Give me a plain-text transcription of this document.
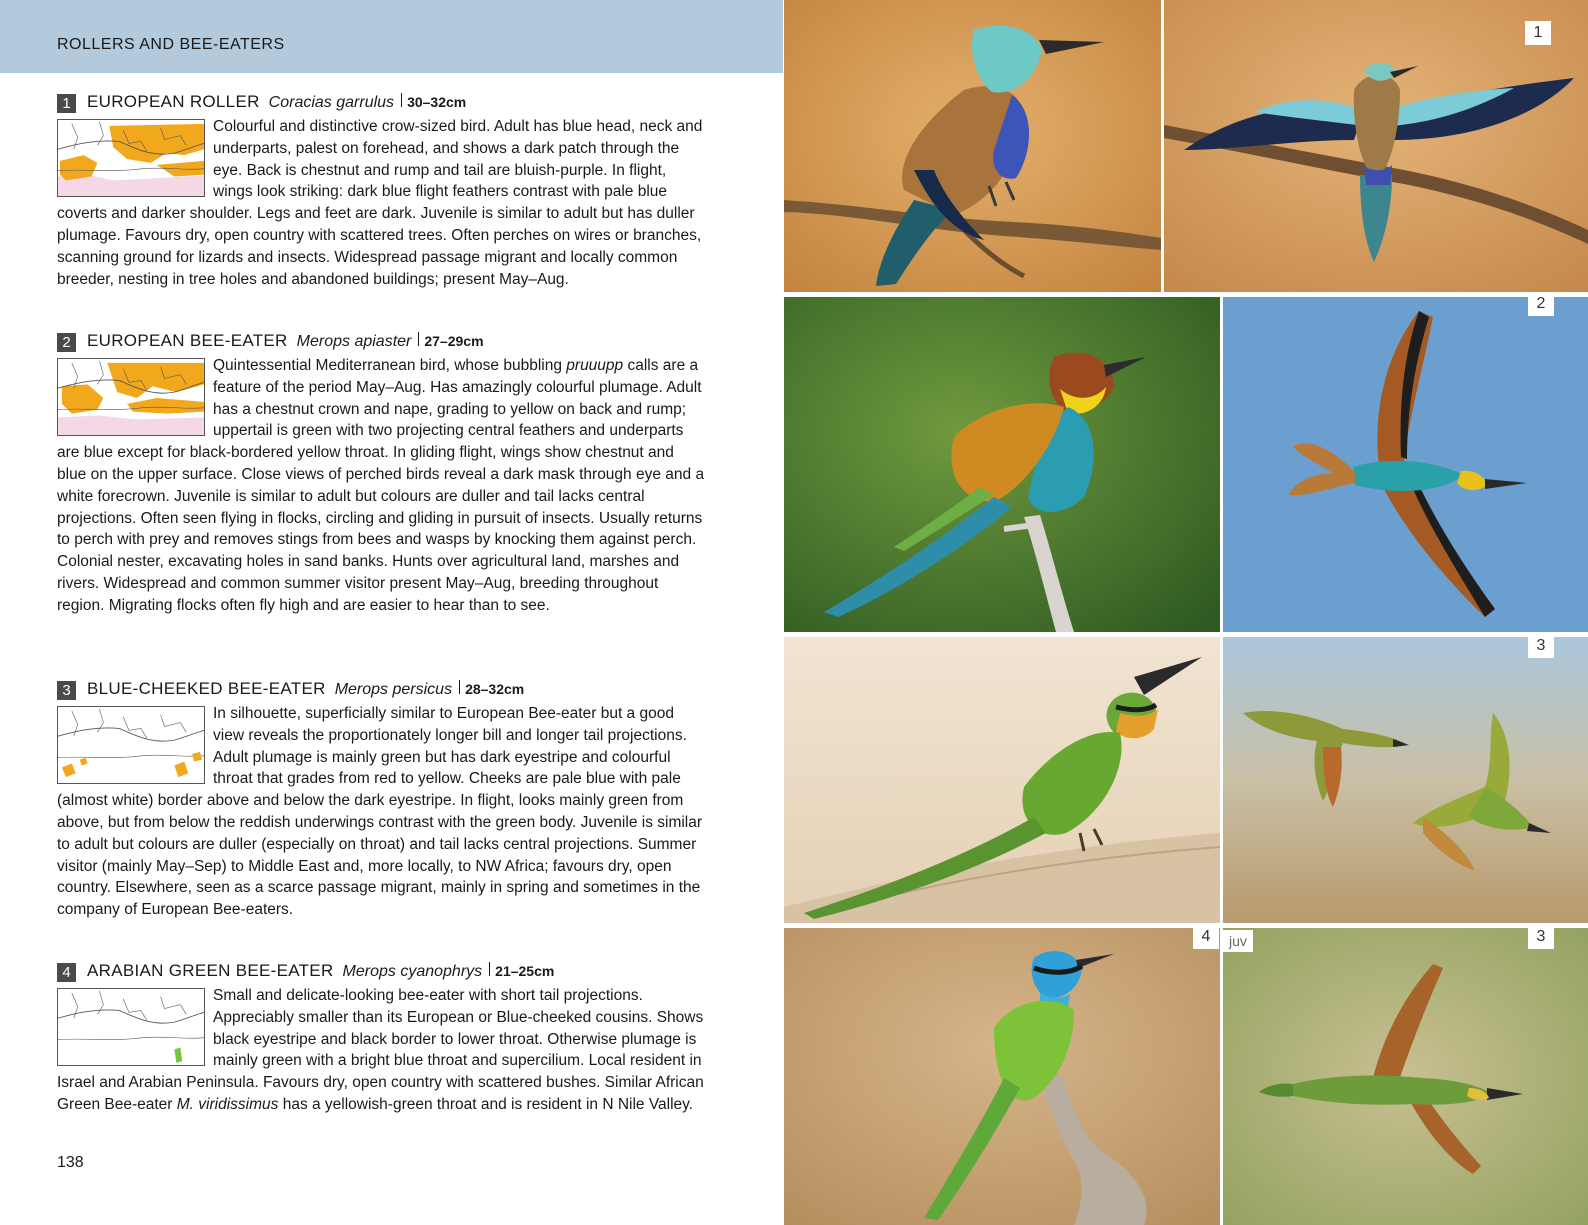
ROLLERS AND BEE-EATERS
1 EUROPEAN ROLLER Coracias garrulus 30–32cm
Colourful and distinctive crow-sized bird. Adult has blue head, neck and underparts, palest on forehead, and shows a dark patch through the eye. Back is chestnut and rump and tail are bluish-purple. In flight, wings look striking: dark blue flight feathers contrast with pale blue coverts and darker shoulder. Legs and feet are dark. Juvenile is similar to adult but has duller plumage. Favours dry, open country with scattered trees. Often perches on wires or branches, scanning ground for lizards and insects. Widespread passage migrant and locally common breeder, nesting in tree holes and abandoned buildings; present May–Aug.
2 EUROPEAN BEE-EATER Merops apiaster 27–29cm
Quintessential Mediterranean bird, whose bubbling pruuupp calls are a feature of the period May–Aug. Has amazingly colourful plumage. Adult has a chestnut crown and nape, grading to yellow on back and rump; uppertail is green with two projecting central feathers and underparts are blue except for black-bordered yellow throat. In gliding flight, wings show chestnut and blue on the upper surface. Close views of perched birds reveal a dark mask through eye and a white forecrown. Juvenile is similar to adult but colours are duller and tail lacks central projections. Often seen flying in flocks, circling and gliding in pursuit of insects. Usually returns to perch with prey and removes stings from bees and wasps by knocking them against perch. Colonial nester, excavating holes in sand banks. Hunts over agricultural land, marshes and rivers. Widespread and common summer visitor present May–Aug, breeding throughout region. Migrating flocks often fly high and are easier to hear than to see.
3 BLUE-CHEEKED BEE-EATER Merops persicus 28–32cm
In silhouette, superficially similar to European Bee-eater but a good view reveals the proportionately longer bill and longer tail projections. Adult plumage is mainly green but has dark eyestripe and colourful throat that grades from red to yellow. Cheeks are pale blue with pale (almost white) border above and below the dark eyestripe. In flight, looks mainly green from above, but from below the reddish underwings contrast with the green body. Juvenile is similar to adult but colours are duller (especially on throat) and tail lacks central projections. Summer visitor (mainly May–Sep) to Middle East and, more locally, to NW Africa; favours dry, open country. Elsewhere, seen as a scarce passage migrant, mainly in spring and sometimes in the company of European Bee-eaters.
4 ARABIAN GREEN BEE-EATER Merops cyanophrys 21–25cm
Small and delicate-looking bee-eater with short tail projections. Appreciably smaller than its European or Blue-cheeked cousins. Shows black eyestripe and black border to lower throat. Otherwise plumage is mainly green with a bright blue throat and supercilium. Local resident in Israel and Arabian Peninsula. Favours dry, open country with scattered bushes. Similar African Green Bee-eater M. viridissimus has a yellowish-green throat and is resident in N Nile Valley.
138
1
2
3
4	juv	3
